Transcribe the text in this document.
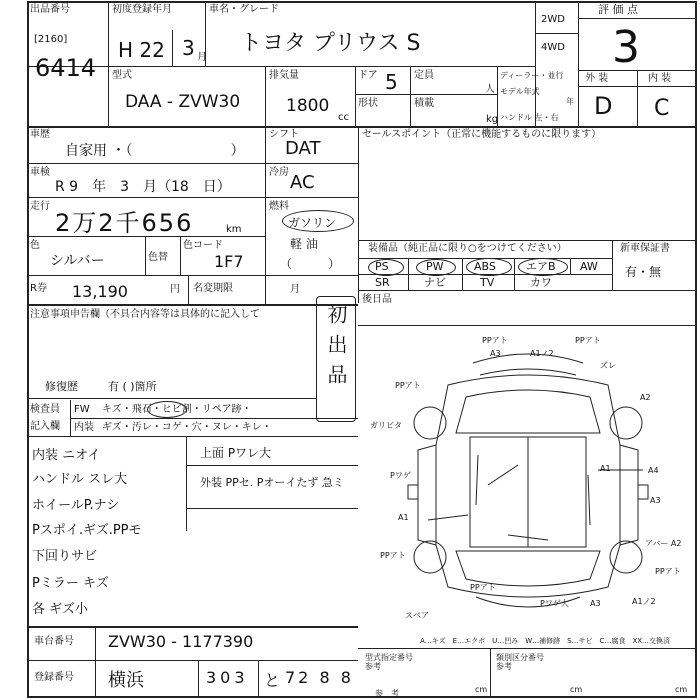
出品番号
[2160]
6414
初度登録年月
H 22 3 月
車名・グレード
トヨタ プリウス S
2WD
4WD
評 価 点
3
外 装	内 装
D C
型式
DAA - ZVW30
排気量
1800
cc
ドア 5 定員
人
形状	積載
kg
ディーラー・並行
モデル年式
年
ハンドル 左・右
車歴
自家用 ・（　　　　　　　）
シフト
DAT
車検
R 9　年　3　月（18　日）
冷房 AC
走行
2万2千656	km
燃料
ガソリン
軽 油
（　　　）
色
シルバー	色替
色コード
1F7
R券 13,190	円 名変期限	月
セールスポイント（正常に機能するものに限ります）
装備品（純正品に限り○をつけてください）	新車保証書
有・無
PS	PW	ABS	エアB AW
SR	ナビ	TV	カワ
後日品
注意事項申告欄（不具合内容等は具体的に記入して	初出品
修復歴	有 ( )箇所
検査員
記入欄
FW キズ・飛石・ヒビ割・リペア跡・
内装 ギズ・汚レ・コゲ・穴・ヌレ・キレ・
内装 ニオイ
ハンドル スレ大
ホイールP.ナシ
Pスポイ.ギズ.PPモ
下回りサビ
Pミラー キズ
各 ギズ小
上面 Pワレ大
外装 PPセ. Pオーイたず 急ミ
PPアト
A3	A1ノ2
PPアト
ズレ
PPアト
A2
ガリビタ
Pワゲ
A1
A4
A1
A3
PPアト
アバー A2
PPアト
PPアト
Pワゲ大	A3	A1ノ2
スベア
A…キズ　E…エクボ　U…凹み　W…補修跡　S…サビ　C…腐食　XX…交換済
車台番号 ZVW30 - 1177390
登録番号 横浜	303 と 72 8 8
型式指定番号
参考
類別区分番号
参考
cm	cm	cm
参　考
